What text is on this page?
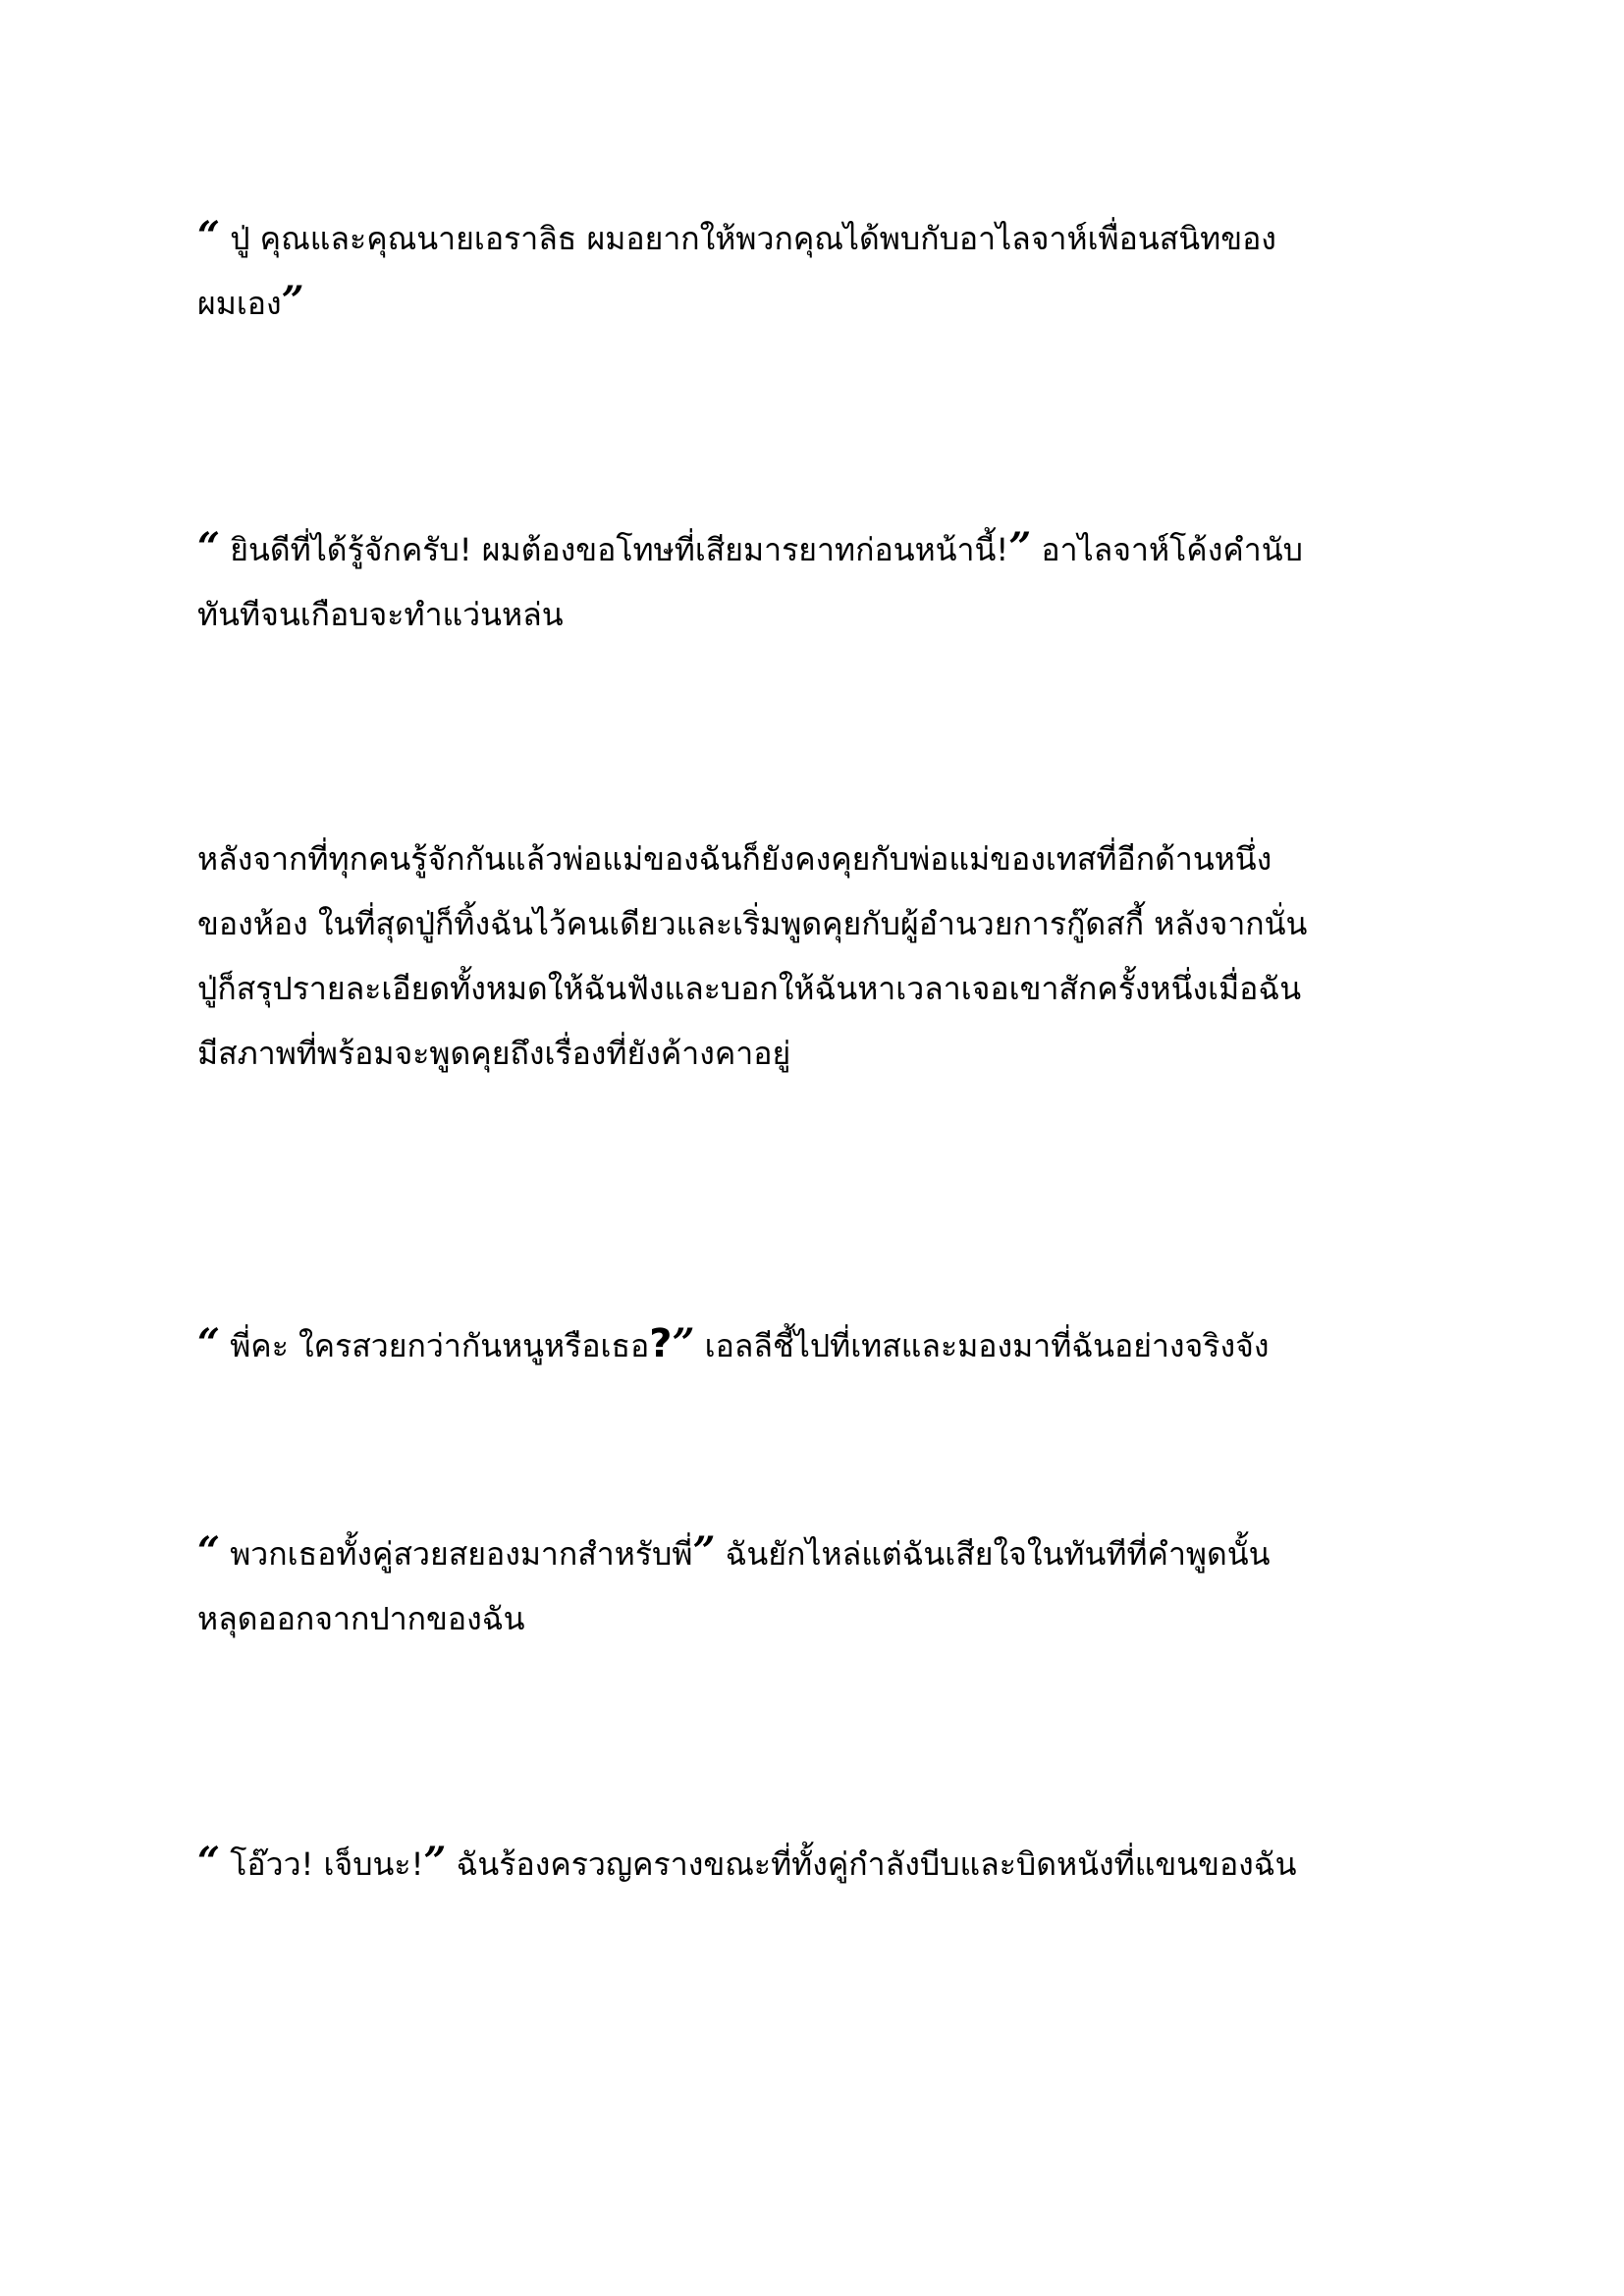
“ ปู่ คุณและคุณนายเอราลิธ ผมอยากให้พวกคุณได้พบกับอาไลจาห์เพื่อนสนิทของ
ผมเอง”

“ ยินดีที่ได้รู้จักครับ! ผมต้องขอโทษที่เสียมารยาทก่อนหน้านี้!” อาไลจาห์โค้งคำนับ
ทันทีจนเกือบจะทำแว่นหล่น

หลังจากที่ทุกคนรู้จักกันแล้วพ่อแม่ของฉันก็ยังคงคุยกับพ่อแม่ของเทสที่อีกด้านหนึ่ง
ของห้อง ในที่สุดปู่ก็ทิ้งฉันไว้คนเดียวและเริ่มพูดคุยกับผู้อำนวยการกู๊ดสกี้ หลังจากนั่น
ปู่ก็สรุปรายละเอียดทั้งหมดให้ฉันฟังและบอกให้ฉันหาเวลาเจอเขาสักครั้งหนึ่งเมื่อฉัน
มีสภาพที่พร้อมจะพูดคุยถึงเรื่องที่ยังค้างคาอยู่

“ พี่คะ ใครสวยกว่ากันหนูหรือเธอ?” เอลลีชี้ไปที่เทสและมองมาที่ฉันอย่างจริงจัง

“ พวกเธอทั้งคู่สวยสยองมากสำหรับพี่” ฉันยักไหล่แต่ฉันเสียใจในทันทีที่คำพูดนั้น
หลุดออกจากปากของฉัน

“ โอ๊วว! เจ็บนะ!” ฉันร้องครวญครางขณะที่ทั้งคู่กำลังบีบและบิดหนังที่แขนของฉัน
